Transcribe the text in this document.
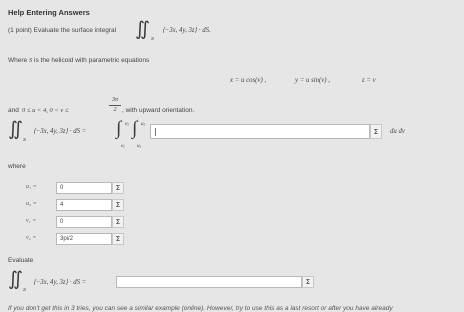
Help Entering Answers
(1 point) Evaluate the surface integral ∬ S
⟨−3x, 4y, 3z⟩ · dS.
Where S is the helicoid with parametric equations
x = u cos(v) ,	y = u sin(v) ,	z = v
and 0 ≤ u < 4, 0 < v ≤
3π
2 , with upward orientation.
∬ S
⟨−3x, 4y, 3z⟩ · dS = ∫ v₂
v₁
∫ u₂
u₁
Σ	du dv
where
u₁ =	0	Σ
u₂ =	4	Σ
v₁ =	0	Σ
v₂ =	3pi/2	Σ
Evaluate
∬ S
⟨−3x, 4y, 3z⟩ · dS =	Σ
If you don't get this in 3 tries, you can see a similar example (online). However, try to use this as a last resort or after you have already
